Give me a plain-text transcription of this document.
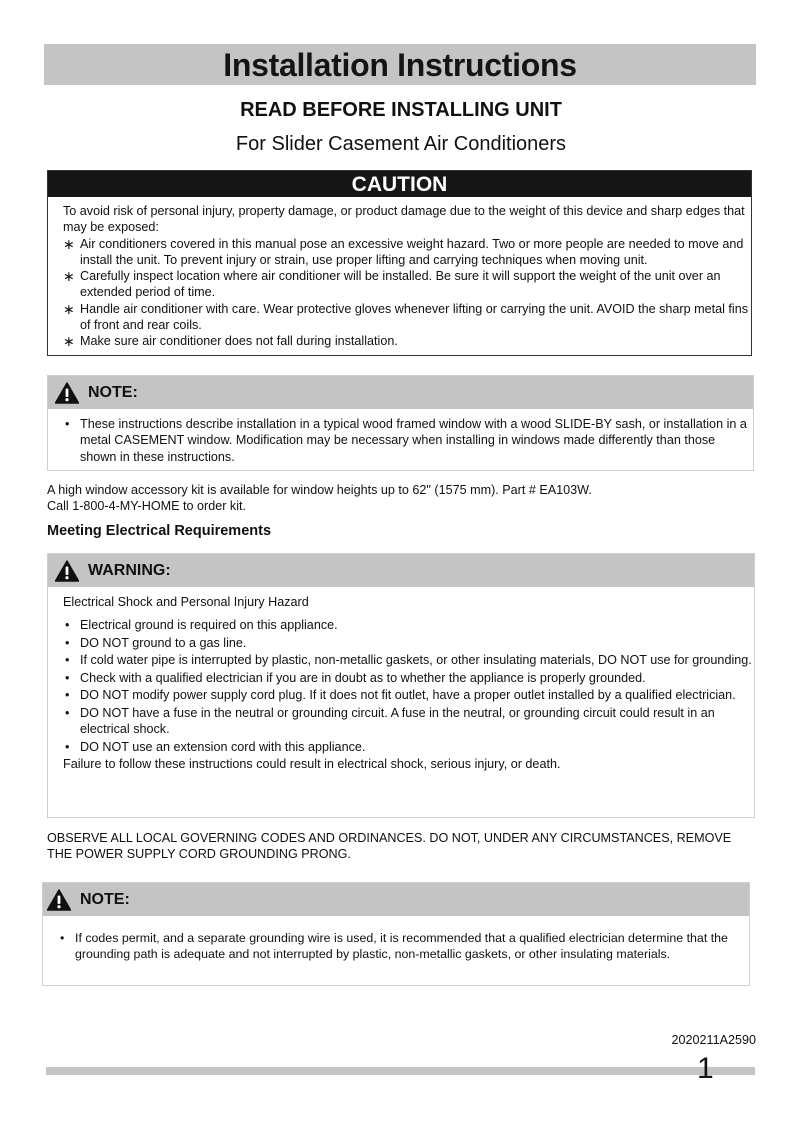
Installation Instructions
READ BEFORE INSTALLING UNIT
For Slider Casement Air Conditioners
CAUTION

To avoid risk of personal injury, property damage, or product damage due to the weight of this device and sharp edges that may be exposed:

∗ Air conditioners covered in this manual pose an excessive weight hazard. Two or more people are needed to move and install the unit. To prevent injury or strain, use proper lifting and carrying techniques when moving unit.
∗ Carefully inspect location where air conditioner will be installed. Be sure it will support the weight of the unit over an extended period of time.
∗ Handle air conditioner with care. Wear protective gloves whenever lifting or carrying the unit. AVOID the sharp metal fins of front and rear coils.
∗ Make sure air conditioner does not fall during installation.
NOTE:
• These instructions describe installation in a typical wood framed window with a wood SLIDE-BY sash, or installation in a metal CASEMENT window. Modification may be necessary when installing in windows made differently than those shown in these instructions.
A high window accessory kit is available for window heights up to 62" (1575 mm). Part # EA103W.
Call 1-800-4-MY-HOME to order kit.
Meeting Electrical Requirements
WARNING:
Electrical Shock and Personal Injury Hazard
• Electrical ground is required on this appliance.
• DO NOT ground to a gas line.
• If cold water pipe is interrupted by plastic, non-metallic gaskets, or other insulating materials, DO NOT use for grounding.
• Check with a qualified electrician if you are in doubt as to whether the appliance is properly grounded.
• DO NOT modify power supply cord plug. If it does not fit outlet, have a proper outlet installed by a qualified electrician.
• DO NOT have a fuse in the neutral or grounding circuit. A fuse in the neutral, or grounding circuit could result in an electrical shock.
• DO NOT use an extension cord with this appliance.
Failure to follow these instructions could result in electrical shock, serious injury, or death.
OBSERVE ALL LOCAL GOVERNING CODES AND ORDINANCES. DO NOT, UNDER ANY CIRCUMSTANCES, REMOVE THE POWER SUPPLY CORD GROUNDING PRONG.
NOTE:
• If codes permit, and a separate grounding wire is used, it is recommended that a qualified electrician determine that the grounding path is adequate and not interrupted by plastic, non-metallic gaskets, or other insulating materials.
2020211A2590
1
